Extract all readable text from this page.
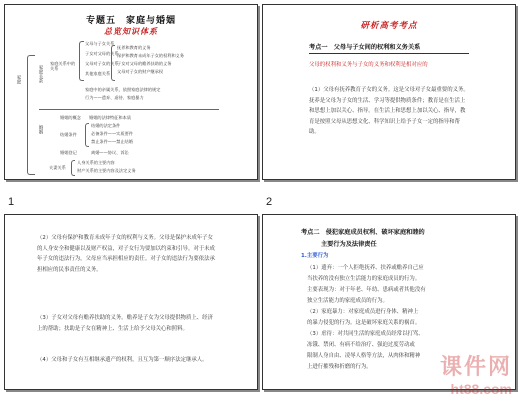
专题五　家庭与婚姻
总览知识体系
家庭	家庭关系
婚姻
家庭关系中的关系
父母与子女关系
子女对父母的关系
父母对子女的关系
其他家庭关系
抚养和教育的义务
保护和教育未成年子女的权利和义务
子女对父母的赡养扶助的义务
父母对子女的财产继承权
家庭中的亲属关系，依照家庭法律的规定
行为——遗弃、虐待、家庭暴力
婚姻的概念 婚姻的法律特征和本质
结婚条件
结婚的法定条件
必备条件——实质要件
禁止条件——禁止结婚
婚姻登记	离婚——协议、诉讼
夫妻关系
人身关系的主要内容
财产关系的主要内容及法定义务
1
研析高考考点
考点一　父母与子女间的权利和义务关系
父母的权利和义务与子女的义务和权利是相对应的
（1）父母有抚养教育子女的义务。这是父母对子女最重要的义务。抚养是父母为子女的生活、学习等提供物质条件；教育是在生活上和思想上加以关心、指导。在生活上和思想上加以关心、指导，教育是按照父母从思想文化、科学知识上给予子女一定的指导和帮助。
2
（2）父母有保护和教育未成年子女的权利与义务。父母是保护未成年子女的人身安全和健康以及财产权益，对子女行为要加以约束和引导。对于未成年子女的违法行为，父母应当承担相应的责任。对子女的违法行为要依法承担相应的民事责任的义务。
（3）子女对父母有赡养扶助的义务。赡养是子女为父母提供物质上、经济上的帮助；扶助是子女在精神上、生活上给予父母关心和照料。
（4）父母和子女有互相继承遗产的权利，且互为第一顺序法定继承人。
考点二　侵犯家庭成员权利、破坏家庭和睦的
主要行为及法律责任
1.主要行为
（1）遗弃：一个人拒绝抚养、扶养或赡养自己应
当扶养的没有独立生活能力的家庭成员的行为。
主要表现为：对于年老、年幼、患病或者其他没有
独立生活能力的家庭成员的行为。
（2）家庭暴力：对家庭成员进行身体、精神上
的暴力侵犯的行为。这是破坏家庭关系的祸首。
（3）虐待：对共同生活的家庭成员经常以打骂、
冻饿、禁闭、有病不给治疗、强迫过度劳动或
限制人身自由、凌辱人格等方法，从肉体和精神
上进行摧残和折磨的行为。	课件网
ht88.com
